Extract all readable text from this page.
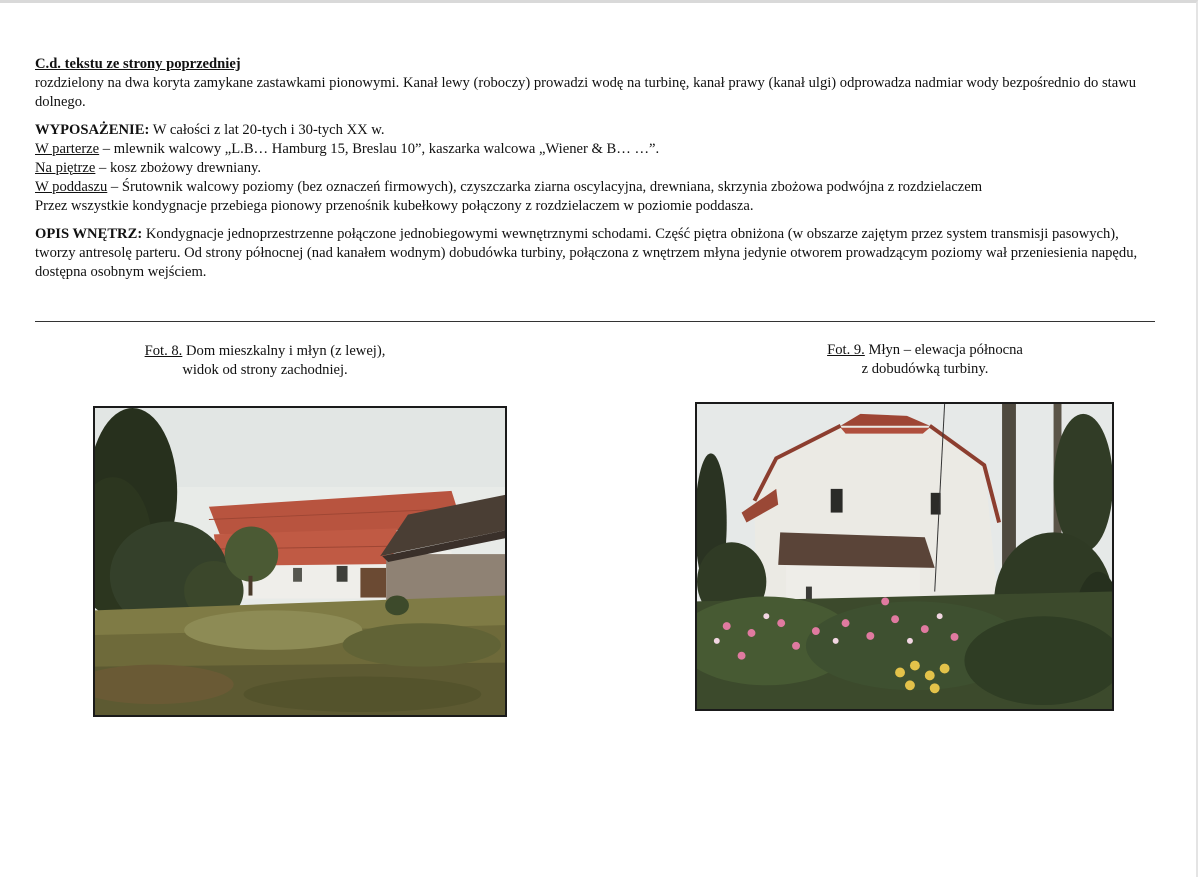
C.d. tekstu ze strony poprzedniej

rozdzielony na dwa koryta zamykane zastawkami pionowymi. Kanał lewy (roboczy) prowadzi wodę na turbinę, kanał prawy (kanał ulgi) odprowadza nadmiar wody bezpośrednio do stawu dolnego.

WYPOSAŻENIE: W całości z lat 20-tych i 30-tych XX w.

W parterze – mlewnik walcowy „L.B… Hamburg 15, Breslau 10”, kaszarka walcowa „Wiener & B… …”.

Na piętrze – kosz zbożowy drewniany.

W poddaszu – Śrutownik walcowy poziomy (bez oznaczeń firmowych), czyszczarka ziarna oscylacyjna, drewniana, skrzynia zbożowa podwójna z rozdzielaczem

Przez wszystkie kondygnacje przebiega pionowy przenośnik kubełkowy połączony z rozdzielaczem w poziomie poddasza.

OPIS WNĘTRZ: Kondygnacje jednoprzestrzenne połączone jednobiegowymi wewnętrznymi schodami. Część piętra obniżona (w obszarze zajętym przez system transmisji pasowych), tworzy antresolę parteru. Od strony północnej (nad kanałem wodnym) dobudówka turbiny, połączona z wnętrzem młyna jedynie otworem prowadzącym poziomy wał przeniesienia napędu, dostępna osobnym wejściem.

Fot. 8. Dom mieszkalny i młyn (z lewej),
widok od strony zachodniej.
Fot. 9. Młyn – elewacja północna
z dobudówką turbiny.
